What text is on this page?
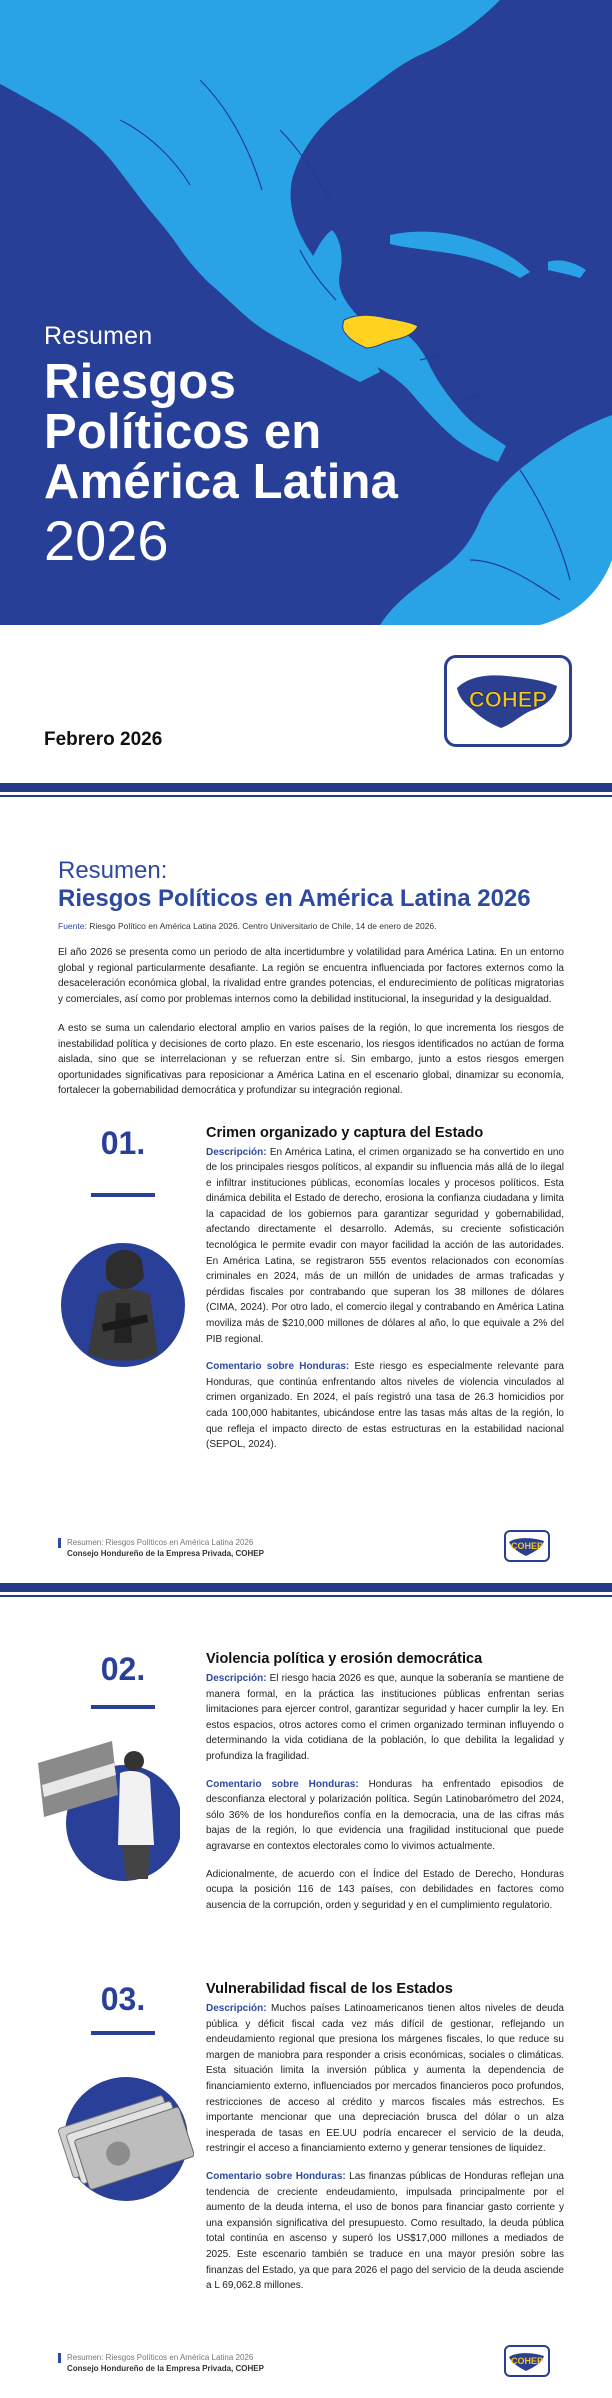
Resumen
Riesgos
Políticos en
América Latina
2026
COHEP
Febrero 2026
Resumen:
Riesgos Políticos en América Latina 2026
Fuente: Riesgo Político en América Latina 2026. Centro Universitario de Chile, 14 de enero de 2026.

El año 2026 se presenta como un periodo de alta incertidumbre y volatilidad para América Latina. En un entorno global y regional particularmente desafiante. La región se encuentra influenciada por factores externos como la desaceleración económica global, la rivalidad entre grandes potencias, el endurecimiento de políticas migratorias y comerciales, así como por problemas internos como la debilidad institucional, la inseguridad y la desigualdad.

A esto se suma un calendario electoral amplio en varios países de la región, lo que incrementa los riesgos de inestabilidad política y decisiones de corto plazo. En este escenario, los riesgos identificados no actúan de forma aislada, sino que se interrelacionan y se refuerzan entre sí. Sin embargo, junto a estos riesgos emergen oportunidades significativas para reposicionar a América Latina en el escenario global, dinamizar su economía, fortalecer la gobernabilidad democrática y profundizar su integración regional.

01.	Crimen organizado y captura del Estado

Descripción: En América Latina, el crimen organizado se ha convertido en uno de los principales riesgos políticos, al expandir su influencia más allá de lo ilegal e infiltrar instituciones públicas, economías locales y procesos políticos. Esta dinámica debilita el Estado de derecho, erosiona la confianza ciudadana y limita la capacidad de los gobiernos para garantizar seguridad y gobernabilidad, afectando directamente el desarrollo. Además, su creciente sofisticación tecnológica le permite evadir con mayor facilidad la acción de las autoridades. En América Latina, se registraron 555 eventos relacionados con economías criminales en 2024, más de un millón de unidades de armas traficadas y pérdidas fiscales por contrabando que superan los 38 millones de dólares (CIMA, 2024). Por otro lado, el comercio ilegal y contrabando en América Latina moviliza más de $210,000 millones de dólares al año, lo que equivale a 2% del PIB regional.

Comentario sobre Honduras: Este riesgo es especialmente relevante para Honduras, que continúa enfrentando altos niveles de violencia vinculados al crimen organizado. En 2024, el país registró una tasa de 26.3 homicidios por cada 100,000 habitantes, ubicándose entre las tasas más altas de la región, lo que refleja el impacto directo de estas estructuras en la estabilidad nacional (SEPOL, 2024).

Resumen: Riesgos Políticos en América Latina 2026
Consejo Hondureño de la Empresa Privada, COHEP
COHEP
02.	Violencia política y erosión democrática

Descripción: El riesgo hacia 2026 es que, aunque la soberanía se mantiene de manera formal, en la práctica las instituciones públicas enfrentan serias limitaciones para ejercer control, garantizar seguridad y hacer cumplir la ley. En estos espacios, otros actores como el crimen organizado terminan influyendo o determinando la vida cotidiana de la población, lo que debilita la legalidad y profundiza la fragilidad.

Comentario sobre Honduras: Honduras ha enfrentado episodios de desconfianza electoral y polarización política. Según Latinobarómetro del 2024, sólo 36% de los hondureños confía en la democracia, una de las cifras más bajas de la región, lo que evidencia una fragilidad institucional que puede agravarse en contextos electorales como lo vivimos actualmente.

Adicionalmente, de acuerdo con el Índice del Estado de Derecho, Honduras ocupa la posición 116 de 143 países, con debilidades en factores como ausencia de la corrupción, orden y seguridad y en el cumplimiento regulatorio.

03.	Vulnerabilidad fiscal de los Estados

Descripción: Muchos países Latinoamericanos tienen altos niveles de deuda pública y déficit fiscal cada vez más difícil de gestionar, reflejando un endeudamiento regional que presiona los márgenes fiscales, lo que reduce su margen de maniobra para responder a crisis económicas, sociales o climáticas. Esta situación limita la inversión pública y aumenta la dependencia de financiamiento externo, influenciados por mercados financieros poco profundos, restricciones de acceso al crédito y marcos fiscales más estrechos. Es importante mencionar que una depreciación brusca del dólar o un alza inesperada de tasas en EE.UU podría encarecer el servicio de la deuda, restringir el acceso a financiamiento externo y generar tensiones de liquidez.

Comentario sobre Honduras: Las finanzas públicas de Honduras reflejan una tendencia de creciente endeudamiento, impulsada principalmente por el aumento de la deuda interna, el uso de bonos para financiar gasto corriente y una expansión significativa del presupuesto. Como resultado, la deuda pública total continúa en ascenso y superó los US$17,000 millones a mediados de 2025. Este escenario también se traduce en una mayor presión sobre las finanzas del Estado, ya que para 2026 el pago del servicio de la deuda asciende a L 69,062.8 millones.

Resumen: Riesgos Políticos en América Latina 2026
Consejo Hondureño de la Empresa Privada, COHEP
COHEP
